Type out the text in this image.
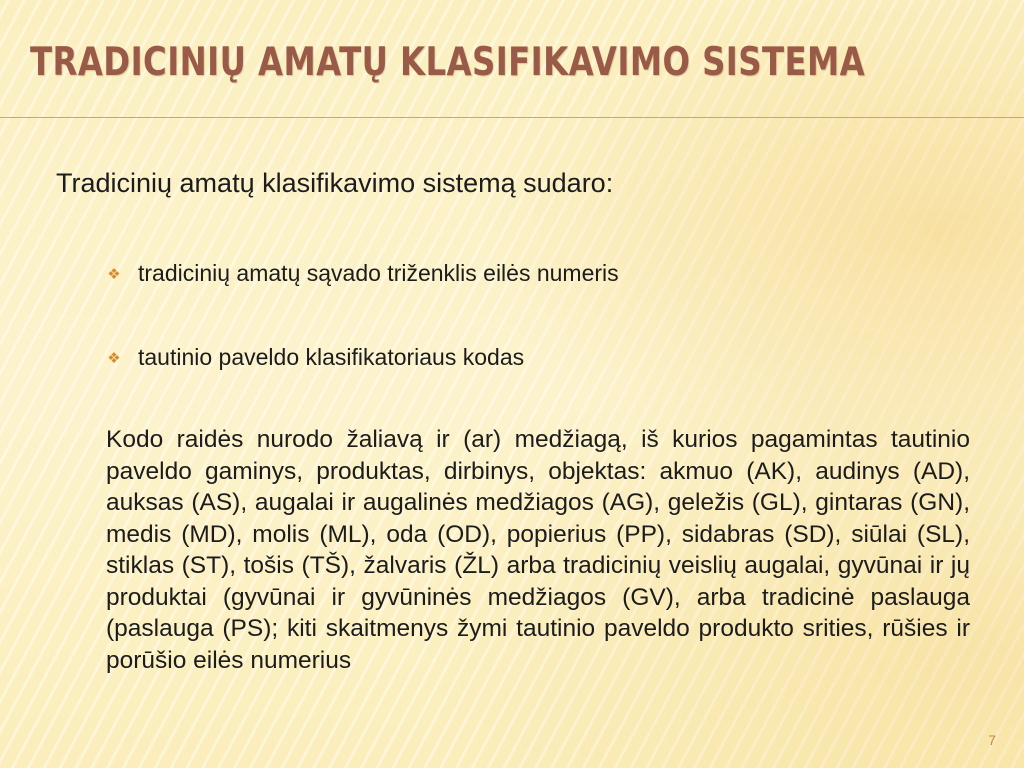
TRADICINIŲ AMATŲ KLASIFIKAVIMO SISTEMA
Tradicinių amatų klasifikavimo sistemą sudaro:
❖ tradicinių amatų sąvado triženklis eilės numeris
❖ tautinio paveldo klasifikatoriaus kodas
Kodo raidės nurodo žaliavą ir (ar) medžiagą, iš kurios pagamintas tautinio paveldo gaminys, produktas, dirbinys, objektas: akmuo (AK), audinys (AD), auksas (AS), augalai ir augalinės medžiagos (AG), geležis (GL), gintaras (GN), medis (MD), molis (ML), oda (OD), popierius (PP), sidabras (SD), siūlai (SL), stiklas (ST), tošis (TŠ), žalvaris (ŽL) arba tradicinių veislių augalai, gyvūnai ir jų produktai (gyvūnai ir gyvūninės medžiagos (GV), arba tradicinė paslauga (paslauga (PS); kiti skaitmenys žymi tautinio paveldo produkto srities, rūšies ir porūšio eilės numerius
7
